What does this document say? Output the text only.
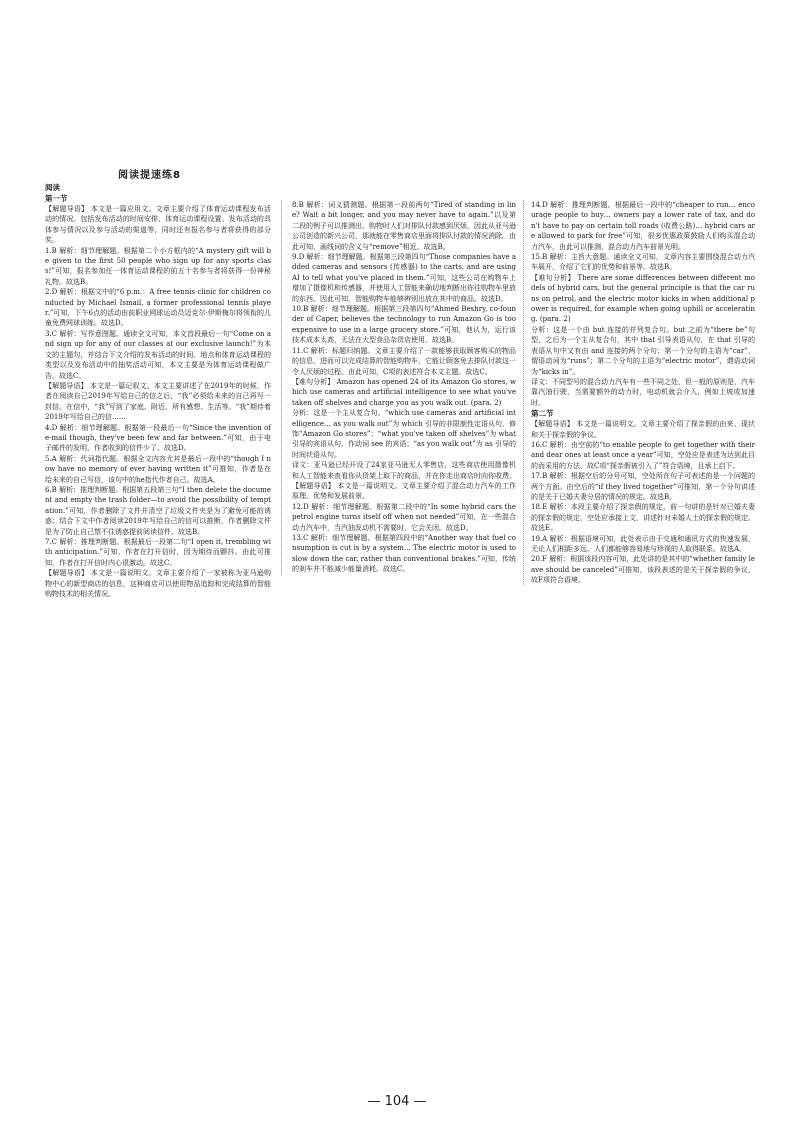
阅读提速练8
阅读
第一节

【解题导语】 本文是一篇应用文。文章主要介绍了体育运动课程发布活动的情况。包括发布活动的时间安排、体育运动课程设置、发布活动的具体参与情况以及参与活动的渠道等，同时还有报名参与者将获得的部分奖。

1.B 解析：细节理解题。根据第二个小方框内的“A mystery gift will be given to the first 50 people who sign up for any sports class!”可知，报名参加任一体育运动课程的前五十名参与者将获得一份神秘礼物。故选B。

2.D 解析：根据文中的“6 p.m.：A free tennis clinic for children conducted by Michael Ismail, a former professional tennis player.”可知，下午6点的活动由前职业网球运动员迈克尔·伊斯梅尔将领衔的儿童免费网球训练。故选D。

3.C 解析：写作意图题。通读全文可知，本文首段最后一句“Come on and sign up for any of our classes at our exclusive launch!”为本文的主题句，并结合下文介绍的发布活动的时间、地点和体育运动课程的类型以及发布活动中的抽奖活动可知，本文主要是为体育运动课程做广告。故选C。

【解题导语】 本文是一篇记叙文。本文主要讲述了在2019年的时候，作者在阅读自己2019年写给自己的信之后，“我”必须给未来的自己再写一封信。在信中，“我”写到了家庭、附近、所有感想、生活等。“我”期待着2019年写给自己的信……

4.D 解析：细节理解题。根据第一段最后一句“Since the invention of e-mail though, they've been few and far between.”可知，由于电子邮件的发明，作者收到的信件少了。故选D。

5.A 解析：代词指代题。根据全文内容尤其是最后一段中的“though I now have no memory of ever having written it”可推知，作者是在给未来的自己写信，该句中的he指代作者自己。故选A。

6.B 解析：推理判断题。根据第五段第三句“I then delete the document and empty the trash folder—to avoid the possibility of temptation.”可知，作者删除了文件并清空了垃圾文件夹是为了避免可能的诱惑；结合下文中作者阅读2019年写给自己的信可以推断，作者删除文件是为了防止自己禁不住诱惑提前阅读信件。故选B。

7.C 解析：推理判断题。根据最后一段第二句“I open it, trembling with anticipation.”可知，作者在打开信时，因为期待而颤抖。由此可推知，作者在打开信时内心很激动。故选C。

【解题导语】 本文是一篇说明文。文章主要介绍了一家被称为亚马逊购物中心的新型商店的信息，这种商店可以使用物品追踪和完成结算的智能购物技术的相关情况。

8.B 解析：词义猜测题。根据第一段前两句“Tired of standing in line? Wait a bit longer, and you may never have to again.”以及第二段的例子可以推测出，购物时人们对排队付款感到厌烦，因此从亚马逊公司创造的新兴公司，那就能在零售商店里面将排队付款的情况消除。由此可知，画线词的含义与“remove”相近。故选B。

9.D 解析：细节理解题。根据第三段第四句“Those companies have added cameras and sensors (传感器) to the carts, and are using AI to tell what you've placed in them.”可知，这些公司在购物车上增加了摄像机和传感器，并使用人工智能来确切地判断出你往购物车里放的东西。因此可知，智能购物车能够辨别出放在其中的商品。故选D。

10.B 解析：细节理解题。根据第三段第四句“Ahmed Beshry, co-founder of Caper, believes the technology to run Amazon Go is too expensive to use in a large grocery store.”可知，他认为，运行该技术成本太高，无法在大型食品杂货店使用。故选B。

11.C 解析：标题归纳题。文章主要介绍了一款能够获取顾客购买的物品的信息，进而可以完成结算的智能购物车，它能让顾客免去排队付款这一令人厌烦的过程。由此可知，C项的表述符合本文主题。故选C。

【难句分析】 Amazon has opened 24 of its Amazon Go stores, which use cameras and artificial intelligence to see what you've taken off shelves and charge you as you walk out. (para. 2)

分析：这是一个主从复合句。“which use cameras and artificial intelligence… as you walk out”为 which 引导的非限制性定语从句，修饰“Amazon Go stores”；“what you've taken off shelves”为 what 引导的宾语从句，作动词 see 的宾语；“as you walk out”为 as 引导的时间状语从句。

译文：亚马逊已经开设了24家亚马逊无人零售店，这些商店使用摄像机和人工智能来查看你从货架上取下的商品，并在你走出商店时向你收费。

【解题导语】 本文是一篇说明文。文章主要介绍了混合动力汽车的工作原理、优势和发展前景。

12.D 解析：细节理解题。根据第二段中的“In some hybrid cars the petrol engine turns itself off when not needed”可知，在一些混合动力汽车中，当汽油发动机不需要时，它会关闭。故选D。

13.C 解析：细节理解题。根据第四段中的“Another way that fuel consumption is cut is by a system… The electric motor is used to slow down the car, rather than conventional brakes.”可知，传统的刹车并不能减少能量消耗。故选C。

14.D 解析：推理判断题。根据最后一段中的“cheaper to run… encourage people to buy… owners pay a lower rate of tax, and don't have to pay on certain toll roads (收费公路)… hybrid cars are allowed to park for free”可知，很多优惠政策鼓励人们购买混合动力汽车，由此可以推测，混合动力汽车前景光明。

15.B 解析：主旨大意题。通读全文可知，文章内容主要围绕混合动力汽车展开，介绍了它们的优势和前景等。故选B。

【难句分析】 There are some differences between different models of hybrid cars, but the general principle is that the car runs on petrol, and the electric motor kicks in when additional power is required, for example when going uphill or accelerating. (para. 2)

分析：这是一个由 but 连接的并列复合句。but 之前为“there be”句型，之后为一个主从复合句，其中 that 引导表语从句，在 that 引导的表语从句中又有由 and 连接的两个分句；第一个分句的主语为“car”，谓语动词为“runs”；第二个分句的主语为“electric motor”，谓语动词为“kicks in”。

译文：不同型号的混合动力汽车有一些不同之处，但一般的原则是，汽车靠汽油行驶，当需要额外的动力时，电动机就会介入，例如上坡或加速时。

第二节

【解题导语】 本文是一篇说明文。文章主要介绍了探亲假的由来、现状和关于探亲假的争议。

16.C 解析：由空前的“to enable people to get together with their and dear ones at least once a year”可知，空处应是表述为达到此目的而采用的方法，故C项“探亲假被引入了”符合语境，且承上启下。

17.B 解析：根据空后的分号可知，空处所在句子可表述的是一个问题的两个方面。由空后的“if they lived together”可推知，第一个分句讲述的是关于已婚夫妻分居的情况的规定。故选B。

18.E 解析：本段主要介绍了探亲假的规定，前一句讲的是针对已婚夫妻的探亲假的规定，空处应承接上文，讲述针对未婚人士的探亲假的规定。故选E。

19.A 解析：根据语境可知，此处表示由于交通和通讯方式的快速发展，无论人们相距多远，人们都能够容易地与珍视的人取得联系。故选A。

20.F 解析：根据该段内容可知，此处讲的是其中的“whether family leave should be canceled”可推知，该段表述的是关于探亲假的争议，故F项符合语境。

— 104 —
